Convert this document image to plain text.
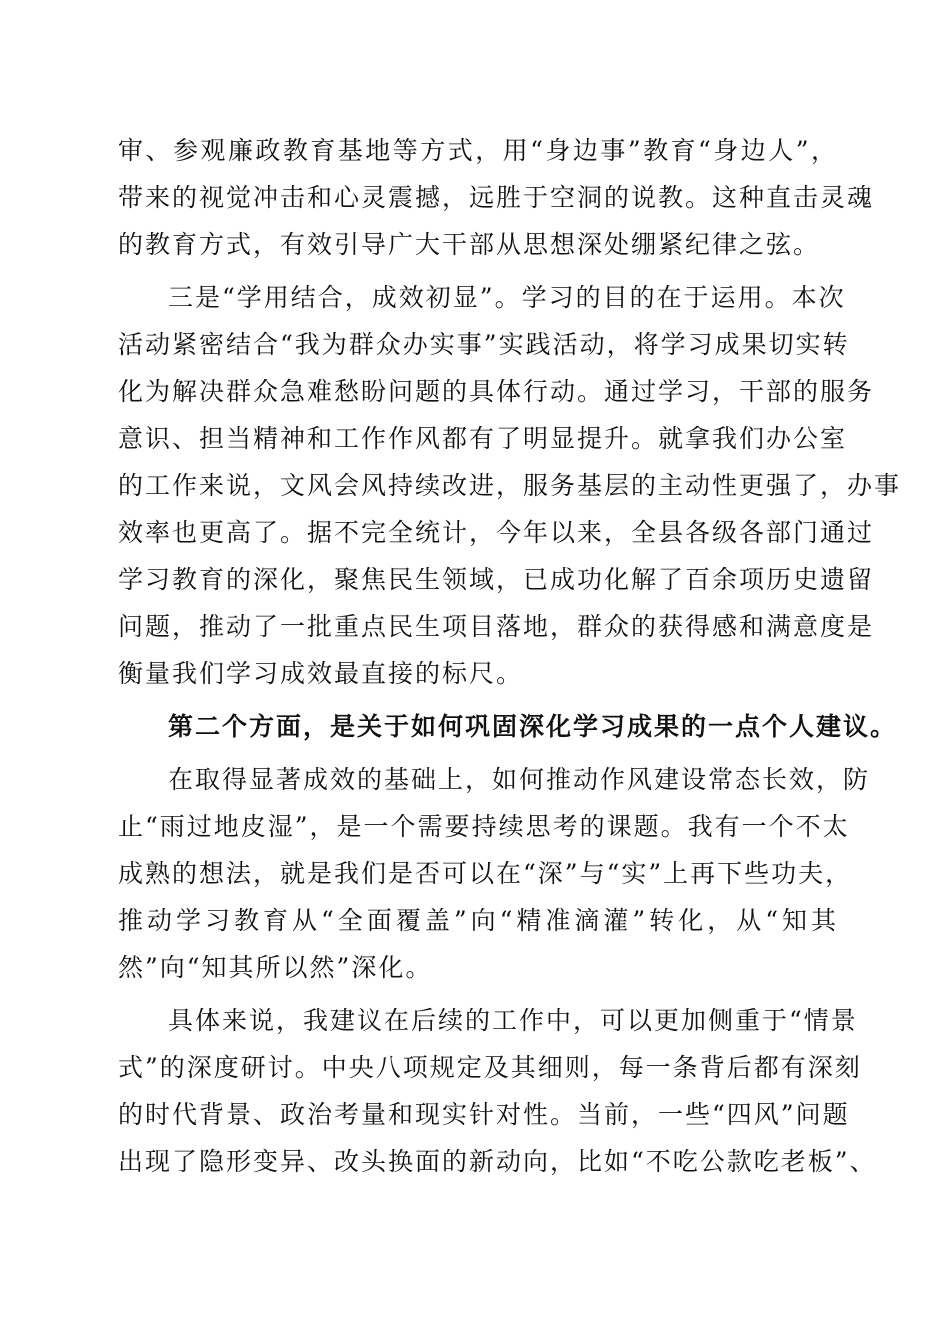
审、参观廉政教育基地等方式，用“身边事”教育“身边人”，
带来的视觉冲击和心灵震撼，远胜于空洞的说教。这种直击灵魂
的教育方式，有效引导广大干部从思想深处绷紧纪律之弦。
三是“学用结合，成效初显”。学习的目的在于运用。本次
活动紧密结合“我为群众办实事”实践活动，将学习成果切实转
化为解决群众急难愁盼问题的具体行动。通过学习，干部的服务
意识、担当精神和工作作风都有了明显提升。就拿我们办公室
的工作来说，文风会风持续改进，服务基层的主动性更强了，办事
效率也更高了。据不完全统计，今年以来，全县各级各部门通过
学习教育的深化，聚焦民生领域，已成功化解了百余项历史遗留
问题，推动了一批重点民生项目落地，群众的获得感和满意度是
衡量我们学习成效最直接的标尺。
第二个方面，是关于如何巩固深化学习成果的一点个人建议。
在取得显著成效的基础上，如何推动作风建设常态长效，防
止“雨过地皮湿”，是一个需要持续思考的课题。我有一个不太
成熟的想法，就是我们是否可以在“深”与“实”上再下些功夫，
推动学习教育从“全面覆盖”向“精准滴灌”转化，从“知其
然”向“知其所以然”深化。
具体来说，我建议在后续的工作中，可以更加侧重于“情景
式”的深度研讨。中央八项规定及其细则，每一条背后都有深刻
的时代背景、政治考量和现实针对性。当前，一些“四风”问题
出现了隐形变异、改头换面的新动向，比如“不吃公款吃老板”、
